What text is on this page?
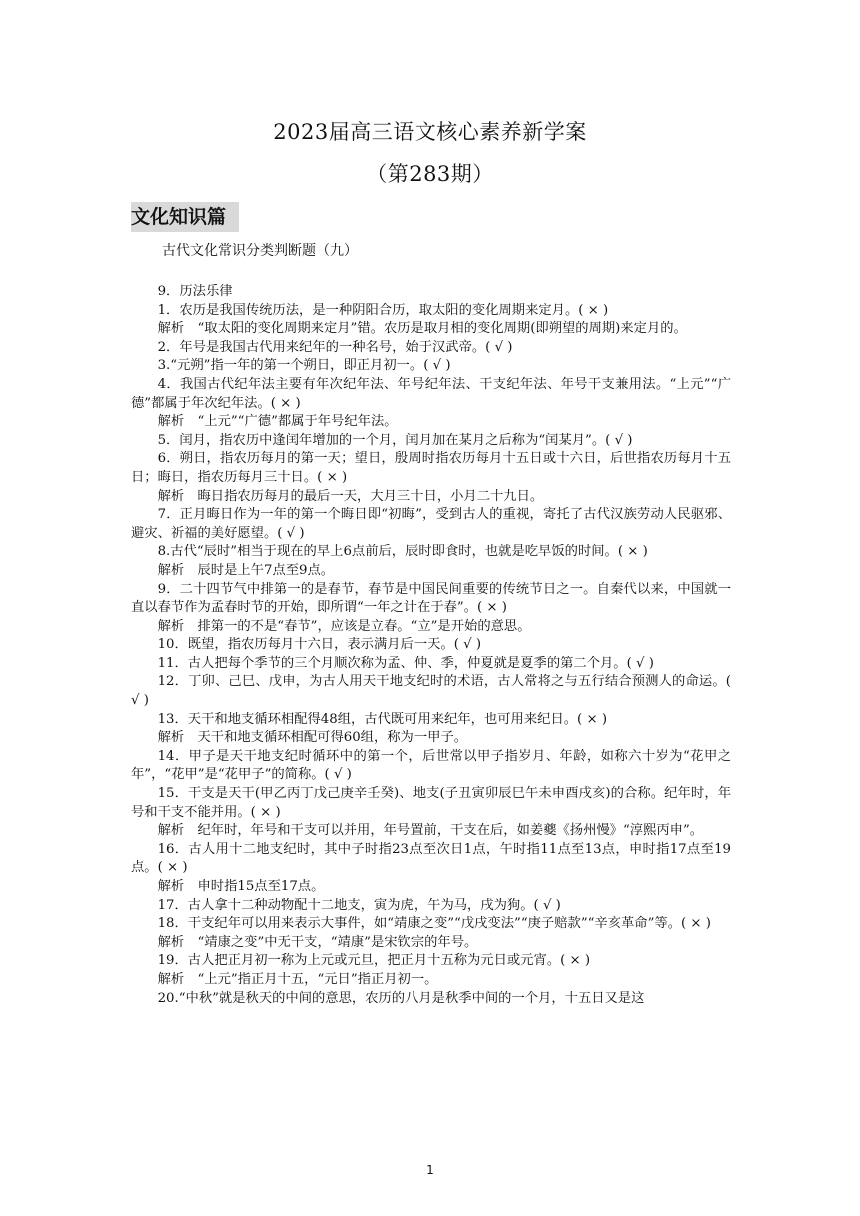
2023届高三语文核心素养新学案
（第283期）
文化知识篇
古代文化常识分类判断题（九）

9．历法乐律

1．农历是我国传统历法，是一种阴阳合历，取太阳的变化周期来定月。( × )

解析　“取太阳的变化周期来定月”错。农历是取月相的变化周期(即朔望的周期)来定月的。

2．年号是我国古代用来纪年的一种名号，始于汉武帝。( √ )

3.“元朔”指一年的第一个朔日，即正月初一。( √ )

4．我国古代纪年法主要有年次纪年法、年号纪年法、干支纪年法、年号干支兼用法。“上元”“广德”都属于年次纪年法。( × )

解析　“上元”“广德”都属于年号纪年法。

5．闰月，指农历中逢闰年增加的一个月，闰月加在某月之后称为“闰某月”。( √ )

6．朔日，指农历每月的第一天；望日，殷周时指农历每月十五日或十六日，后世指农历每月十五日；晦日，指农历每月三十日。( × )

解析　晦日指农历每月的最后一天，大月三十日，小月二十九日。

7．正月晦日作为一年的第一个晦日即“初晦”，受到古人的重视，寄托了古代汉族劳动人民驱邪、避灾、祈福的美好愿望。( √ )

8.古代“辰时”相当于现在的早上6点前后，辰时即食时，也就是吃早饭的时间。( × )

解析　辰时是上午7点至9点。

9．二十四节气中排第一的是春节，春节是中国民间重要的传统节日之一。自秦代以来，中国就一直以春节作为孟春时节的开始，即所谓“一年之计在于春”。( × )

解析　排第一的不是“春节”，应该是立春。“立”是开始的意思。

10．既望，指农历每月十六日，表示满月后一天。( √ )

11．古人把每个季节的三个月顺次称为孟、仲、季，仲夏就是夏季的第二个月。( √ )

12．丁卯、己巳、戊申，为古人用天干地支纪时的术语，古人常将之与五行结合预测人的命运。( √ )

13．天干和地支循环相配得48组，古代既可用来纪年，也可用来纪日。( × )

解析　天干和地支循环相配可得60组，称为一甲子。

14．甲子是天干地支纪时循环中的第一个，后世常以甲子指岁月、年龄，如称六十岁为“花甲之年”，“花甲”是“花甲子”的简称。( √ )

15．干支是天干(甲乙丙丁戊己庚辛壬癸)、地支(子丑寅卯辰巳午未申酉戌亥)的合称。纪年时，年号和干支不能并用。( × )

解析　纪年时，年号和干支可以并用，年号置前，干支在后，如姜夔《扬州慢》“淳熙丙申”。

16．古人用十二地支纪时，其中子时指23点至次日1点，午时指11点至13点，申时指17点至19点。( × )

解析　申时指15点至17点。

17．古人拿十二种动物配十二地支，寅为虎，午为马，戌为狗。( √ )

18．干支纪年可以用来表示大事件，如“靖康之变”“戊戌变法”“庚子赔款”“辛亥革命”等。( × )

解析　“靖康之变”中无干支，“靖康”是宋钦宗的年号。

19．古人把正月初一称为上元或元旦，把正月十五称为元日或元宵。( × )

解析　“上元”指正月十五，“元日”指正月初一。

20.“中秋”就是秋天的中间的意思，农历的八月是秋季中间的一个月，十五日又是这

1
